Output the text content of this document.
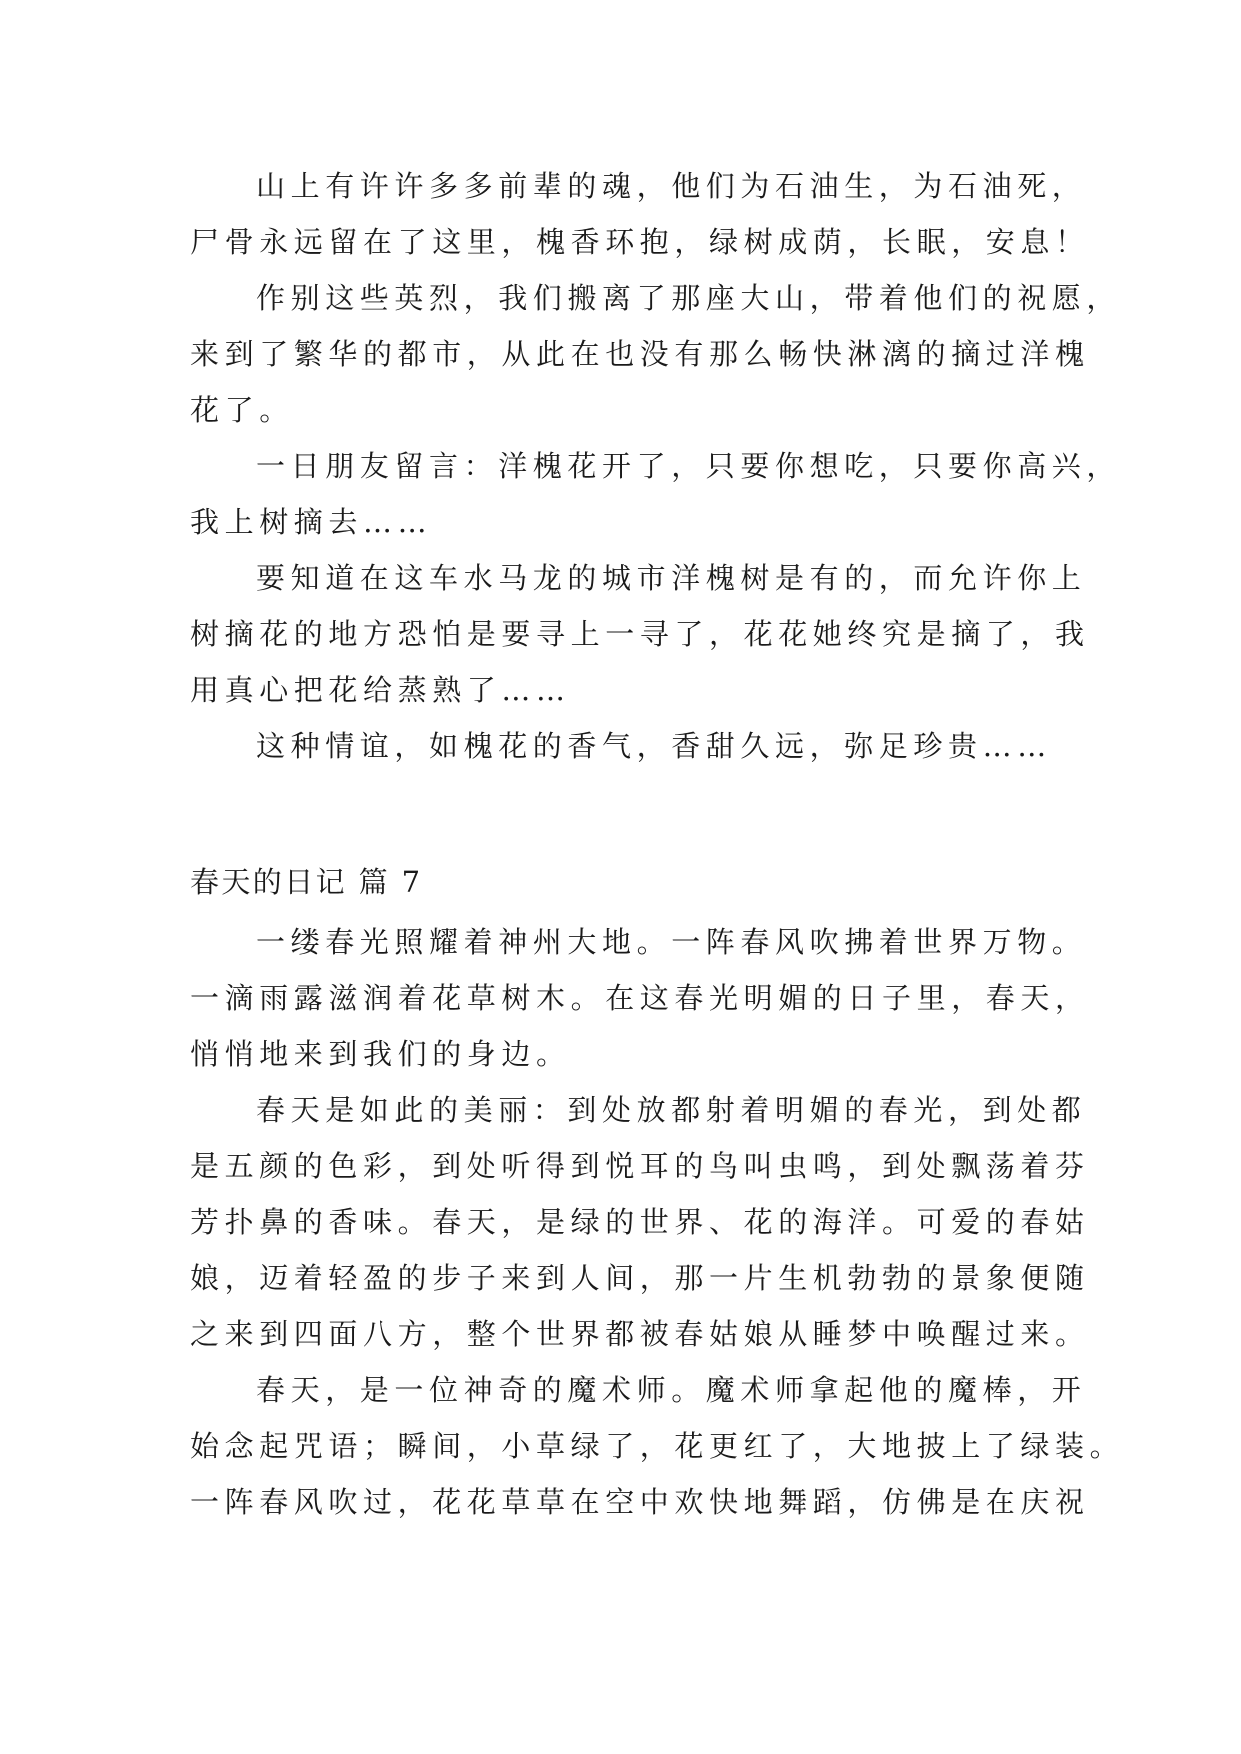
山上有许许多多前辈的魂，他们为石油生，为石油死，
尸骨永远留在了这里，槐香环抱，绿树成荫，长眠，安息！
作别这些英烈，我们搬离了那座大山，带着他们的祝愿，
来到了繁华的都市，从此在也没有那么畅快淋漓的摘过洋槐
花了。
一日朋友留言：洋槐花开了，只要你想吃，只要你高兴，
我上树摘去……
要知道在这车水马龙的城市洋槐树是有的，而允许你上
树摘花的地方恐怕是要寻上一寻了，花花她终究是摘了，我
用真心把花给蒸熟了……
这种情谊，如槐花的香气，香甜久远，弥足珍贵……
春天的日记 篇 7
一缕春光照耀着神州大地。一阵春风吹拂着世界万物。
一滴雨露滋润着花草树木。在这春光明媚的日子里，春天，
悄悄地来到我们的身边。
春天是如此的美丽：到处放都射着明媚的春光，到处都
是五颜的色彩，到处听得到悦耳的鸟叫虫鸣，到处飘荡着芬
芳扑鼻的香味。春天，是绿的世界、花的海洋。可爱的春姑
娘，迈着轻盈的步子来到人间，那一片生机勃勃的景象便随
之来到四面八方，整个世界都被春姑娘从睡梦中唤醒过来。
春天，是一位神奇的魔术师。魔术师拿起他的魔棒，开
始念起咒语；瞬间，小草绿了，花更红了，大地披上了绿装。
一阵春风吹过，花花草草在空中欢快地舞蹈，仿佛是在庆祝
